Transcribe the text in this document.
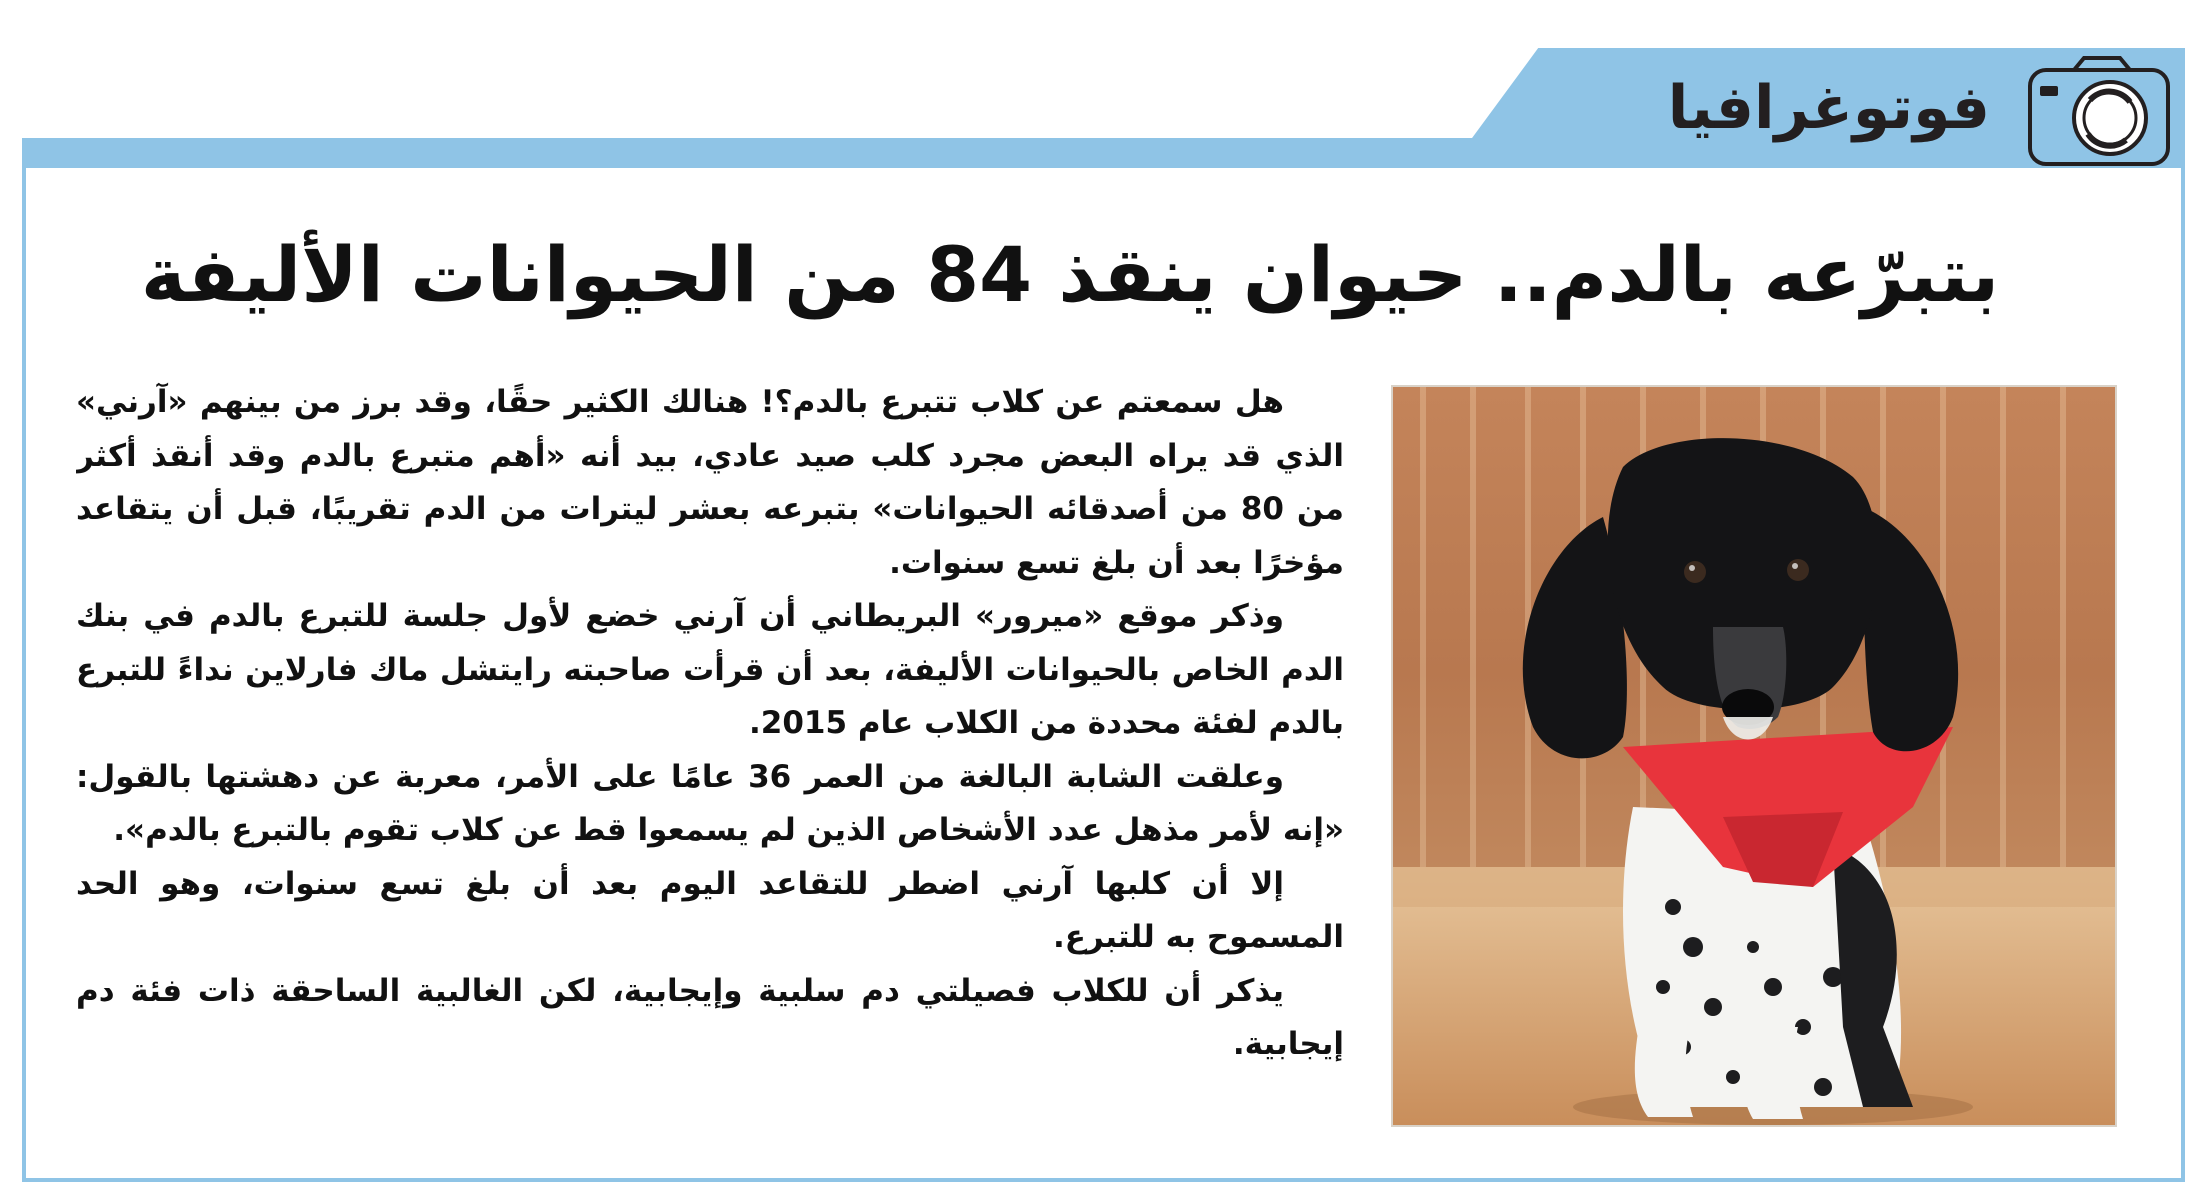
فوتوغرافيا
بتبرّعه بالدم.. حيوان ينقذ 84 من الحيوانات الأليفة

هل سمعتم عن كلاب تتبرع بالدم؟! هنالك الكثير حقًا، وقد برز من بينهم «آرني» الذي قد يراه البعض مجرد كلب صيد عادي، بيد أنه «أهم متبرع بالدم وقد أنقذ أكثر من 80 من أصدقائه الحيوانات» بتبرعه بعشر ليترات من الدم تقريبًا، قبل أن يتقاعد مؤخرًا بعد أن بلغ تسع سنوات.

وذكر موقع «ميرور» البريطاني أن آرني خضع لأول جلسة للتبرع بالدم في بنك الدم الخاص بالحيوانات الأليفة، بعد أن قرأت صاحبته رايتشل ماك فارلاين نداءً للتبرع بالدم لفئة محددة من الكلاب عام 2015.

وعلقت الشابة البالغة من العمر 36 عامًا على الأمر، معربة عن دهشتها بالقول: «إنه لأمر مذهل عدد الأشخاص الذين لم يسمعوا قط عن كلاب تقوم بالتبرع بالدم».

إلا أن كلبها آرني اضطر للتقاعد اليوم بعد أن بلغ تسع سنوات، وهو الحد المسموح به للتبرع.

يذكر أن للكلاب فصيلتي دم سلبية وإيجابية، لكن الغالبية الساحقة ذات فئة دم إيجابية.
